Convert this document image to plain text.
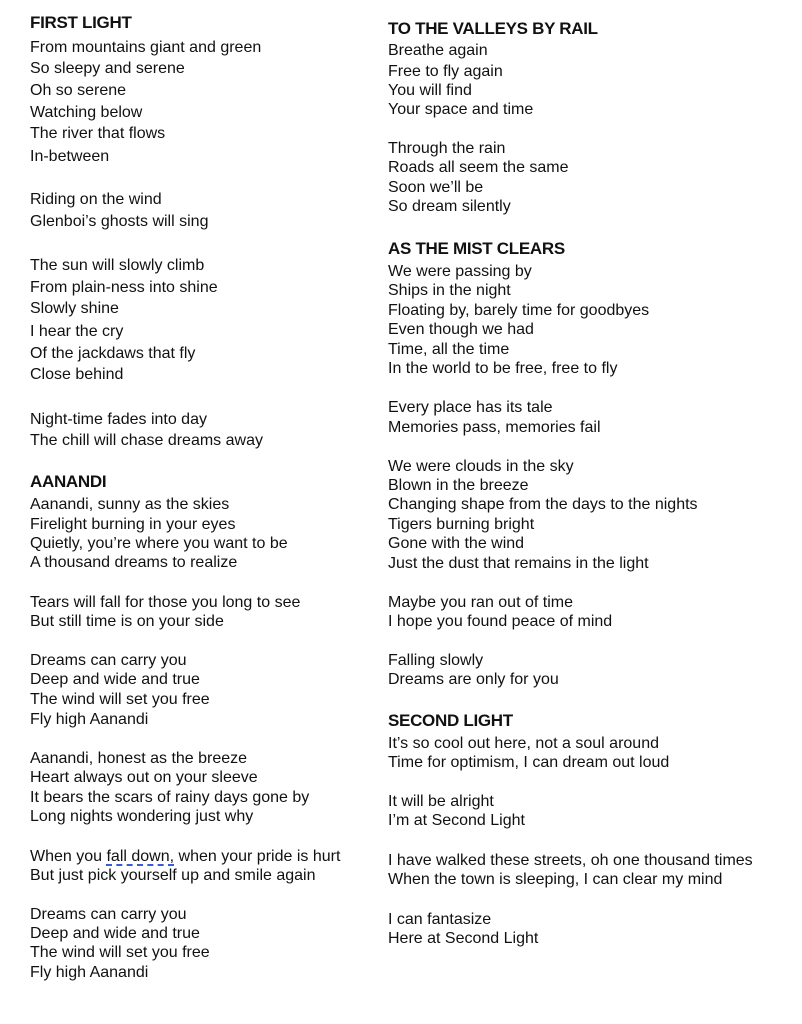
FIRST LIGHT
From mountains giant and green
So sleepy and serene
Oh so serene
Watching below
The river that flows
In-between
Riding on the wind
Glenboi’s ghosts will sing
The sun will slowly climb
From plain-ness into shine
Slowly shine
I hear the cry
Of the jackdaws that fly
Close behind
Night-time fades into day
The chill will chase dreams away
AANANDI
Aanandi, sunny as the skies
Firelight burning in your eyes
Quietly, you’re where you want to be
A thousand dreams to realize
Tears will fall for those you long to see
But still time is on your side
Dreams can carry you
Deep and wide and true
The wind will set you free
Fly high Aanandi
Aanandi, honest as the breeze
Heart always out on your sleeve
It bears the scars of rainy days gone by
Long nights wondering just why
When you fall down, when your pride is hurt
But just pick yourself up and smile again
Dreams can carry you
Deep and wide and true
The wind will set you free
Fly high Aanandi
TO THE VALLEYS BY RAIL
Breathe again
Free to fly again
You will find
Your space and time
Through the rain
Roads all seem the same
Soon we’ll be
So dream silently
AS THE MIST CLEARS
We were passing by
Ships in the night
Floating by, barely time for goodbyes
Even though we had
Time, all the time
In the world to be free, free to fly
Every place has its tale
Memories pass, memories fail
We were clouds in the sky
Blown in the breeze
Changing shape from the days to the nights
Tigers burning bright
Gone with the wind
Just the dust that remains in the light
Maybe you ran out of time
I hope you found peace of mind
Falling slowly
Dreams are only for you
SECOND LIGHT
It’s so cool out here, not a soul around
Time for optimism, I can dream out loud
It will be alright
I’m at Second Light
I have walked these streets, oh one thousand times
When the town is sleeping, I can clear my mind
I can fantasize
Here at Second Light
